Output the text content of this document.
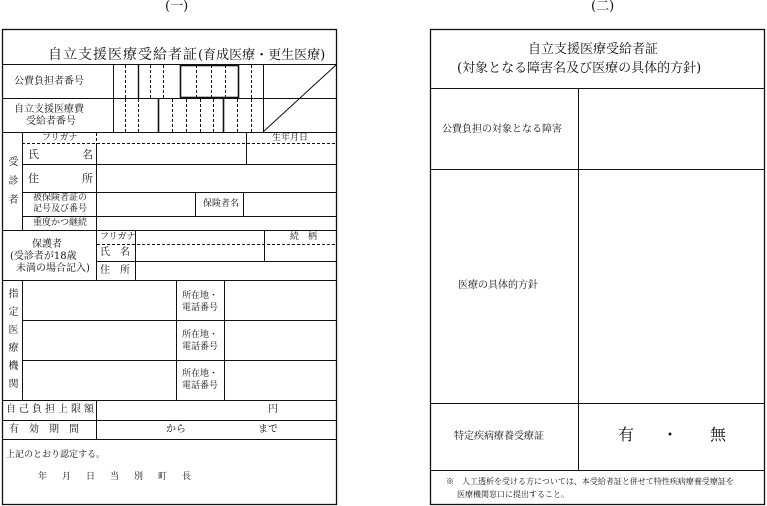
(一)
自立支援医療受給者証 (育成医療・更生医療)
公費負担者番号
自立支援医療費
受給者番号
受診者
フリガナ	生年月日
氏	名
住	所
被保険者証の
記号及び番号	保険者名
重度かつ継続
保護者
(受診者が18歳
未満の場合記入)
フリガナ	続　柄
氏　名
住　所
指定医療機関	所在地・
電話番号
所在地・
電話番号
所在地・
電話番号
自己負担上限額	円
有　効　期　間	から	まで
上記のとおり認定する。
年　月　日　当　別　町　長
(二)
自立支援医療受給者証
(対象となる障害名及び医療の具体的方針)
公費負担の対象となる障害
医療の具体的方針
特定疾病療養受療証	有 ・ 無
※　人工透析を受ける方については、本受給者証と併せて特性疾病療養受療証を
医療機関窓口に提出すること。
